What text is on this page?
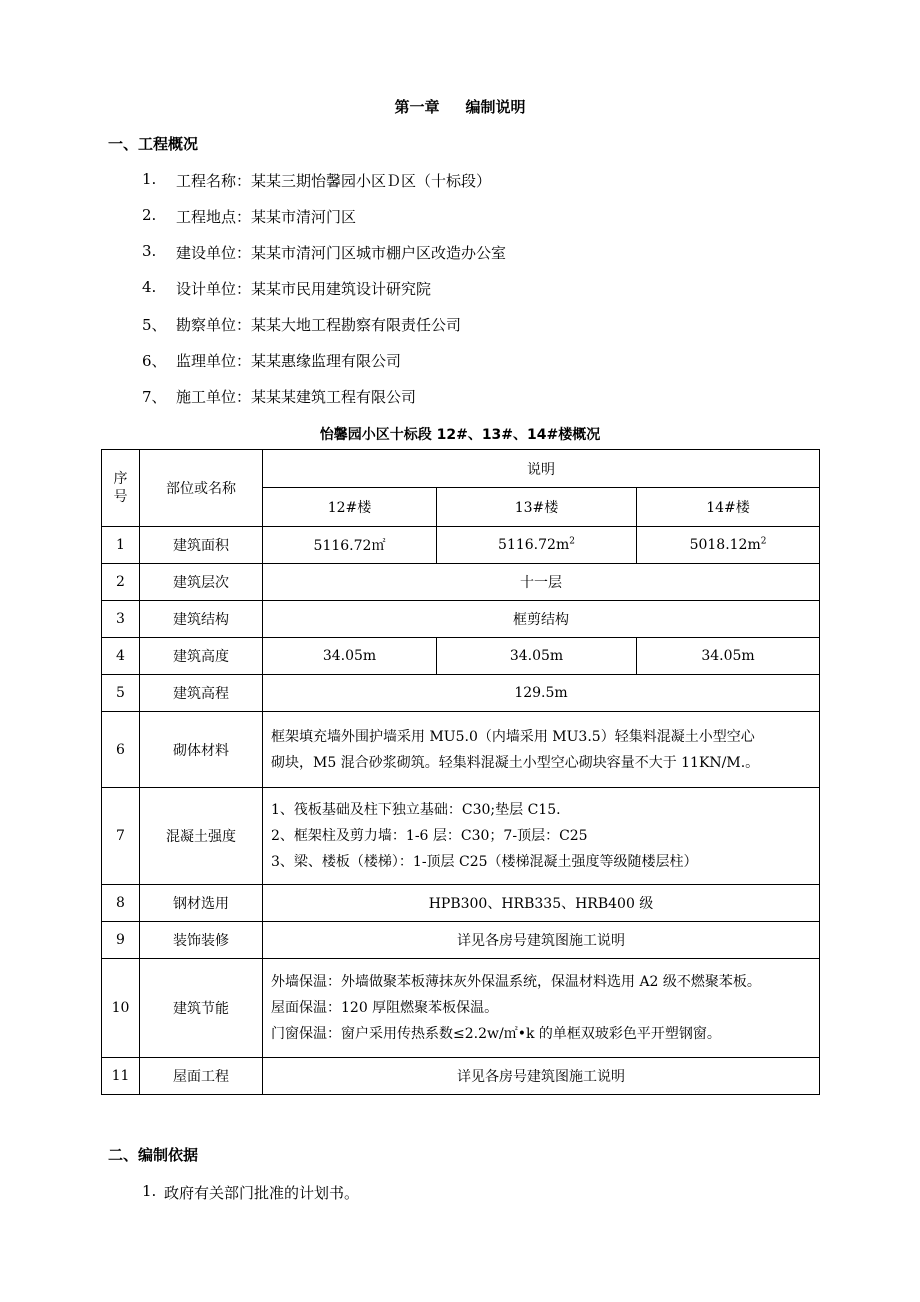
第一章 编制说明
一、工程概况
1. 工程名称：某某三期怡馨园小区Ｄ区（十标段）
2. 工程地点：某某市清河门区
3. 建设单位：某某市清河门区城市棚户区改造办公室
4. 设计单位：某某市民用建筑设计研究院
5、 勘察单位：某某大地工程勘察有限责任公司
6、 监理单位：某某惠缘监理有限公司
7、 施工单位：某某某建筑工程有限公司
怡馨园小区十标段 12#、13#、14#楼概况
序号	部位或名称	说明		
		12#楼	13#楼	14#楼
1	建筑面积	5116.72㎡	$5116.72m^2$	$5018.12m^2$
2	建筑层次	十一层		
3	建筑结构	框剪结构		
4	建筑高度	34.05m	34.05m	34.05m
5	建筑高程	129.5m		
6	砌体材料	框架填充墙外围护墙采用 MU5.0（内墙采用 MU3.5）轻集料混凝土小型空心
砌块，M5 混合砂浆砌筑。轻集料混凝土小型空心砌块容量不大于 11KN/M.。		

7	混凝土强度	1、筏板基础及柱下独立基础：C30;垫层 C15.
2、框架柱及剪力墙：1-6 层：C30；7-顶层：C25
3、梁、楼板（楼梯）：1-顶层 C25（楼梯混凝土强度等级随楼层柱）		

8	钢材选用	HPB300、HRB335、HRB400 级		
9	装饰装修	详见各房号建筑图施工说明		
10	建筑节能	外墙保温：外墙做聚苯板薄抹灰外保温系统，保温材料选用 A2 级不燃聚苯板。
屋面保温：120 厚阻燃聚苯板保温。
门窗保温：窗户采用传热系数≤2.2w/㎡•k 的单框双玻彩色平开塑钢窗。		

11	屋面工程	详见各房号建筑图施工说明		
二、编制依据
1. 政府有关部门批准的计划书。
